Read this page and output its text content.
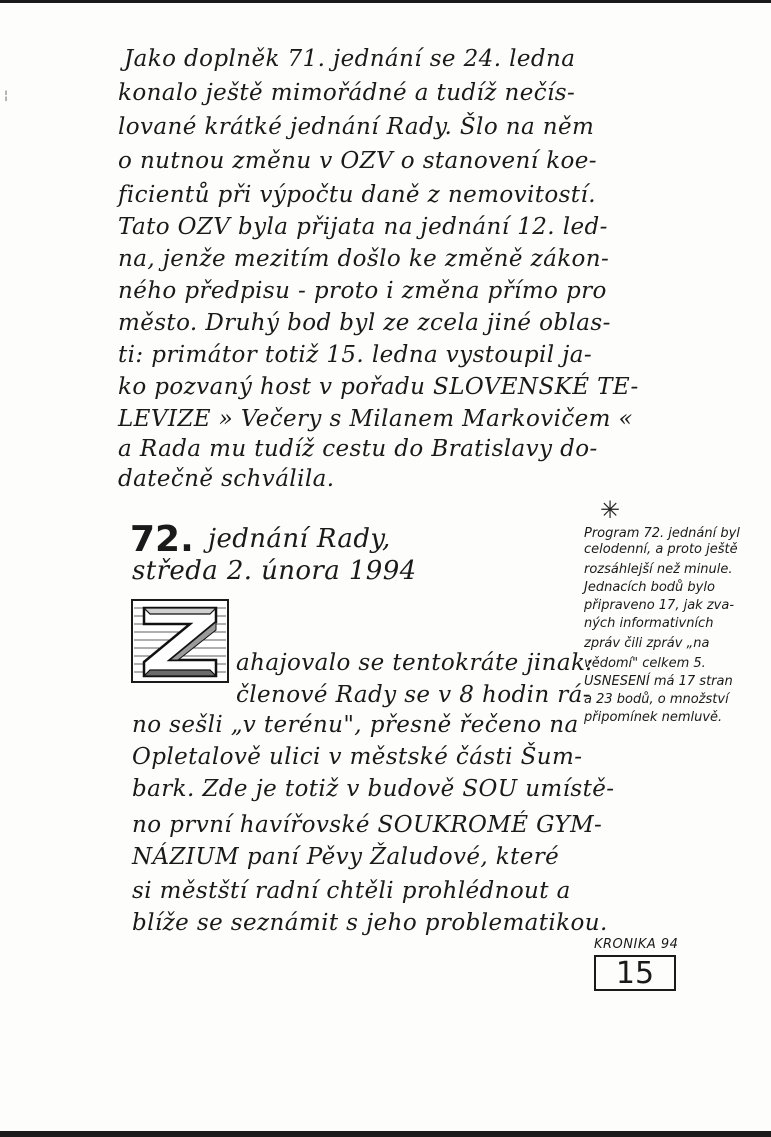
¦
Jako doplněk 71. jednání se 24. ledna
konalo ještě mimořádné a tudíž nečís-
lované krátké jednání Rady. Šlo na něm
o nutnou změnu v OZV o stanovení koe-
ficientů při výpočtu daně z nemovitostí.
Tato OZV byla přijata na jednání 12. led-
na, jenže mezitím došlo ke změně zákon-
ného předpisu - proto i změna přímo pro
město. Druhý bod byl ze zcela jiné oblas-
ti: primátor totiž 15. ledna vystoupil ja-
ko pozvaný host v pořadu SLOVENSKÉ TE-
LEVIZE » Večery s Milanem Markovičem «
a Rada mu tudíž cestu do Bratislavy do-
datečně schválila.
72. jednání Rady,
středa 2. února 1994
ahajovalo se tentokráte jinak:
členové Rady se v 8 hodin rá-
no sešli „v terénu", přesně řečeno na
Opletalově ulici v městské části Šum-
bark. Zde je totiž v budově SOU umístě-
no první havířovské SOUKROMÉ GYM-
NÁZIUM paní Pěvy Žaludové, které
si městští radní chtěli prohlédnout a
blíže se seznámit s jeho problematikou.
✳
Program 72. jednání byl
celodenní, a proto ještě
rozsáhlejší než minule.
Jednacích bodů bylo
připraveno 17, jak zva-
ných informativních
zpráv čili zpráv „na
vědomí" celkem 5.
USNESENÍ má 17 stran
a 23 bodů, o množství
připomínek nemluvě.
KRONIKA 94
15
